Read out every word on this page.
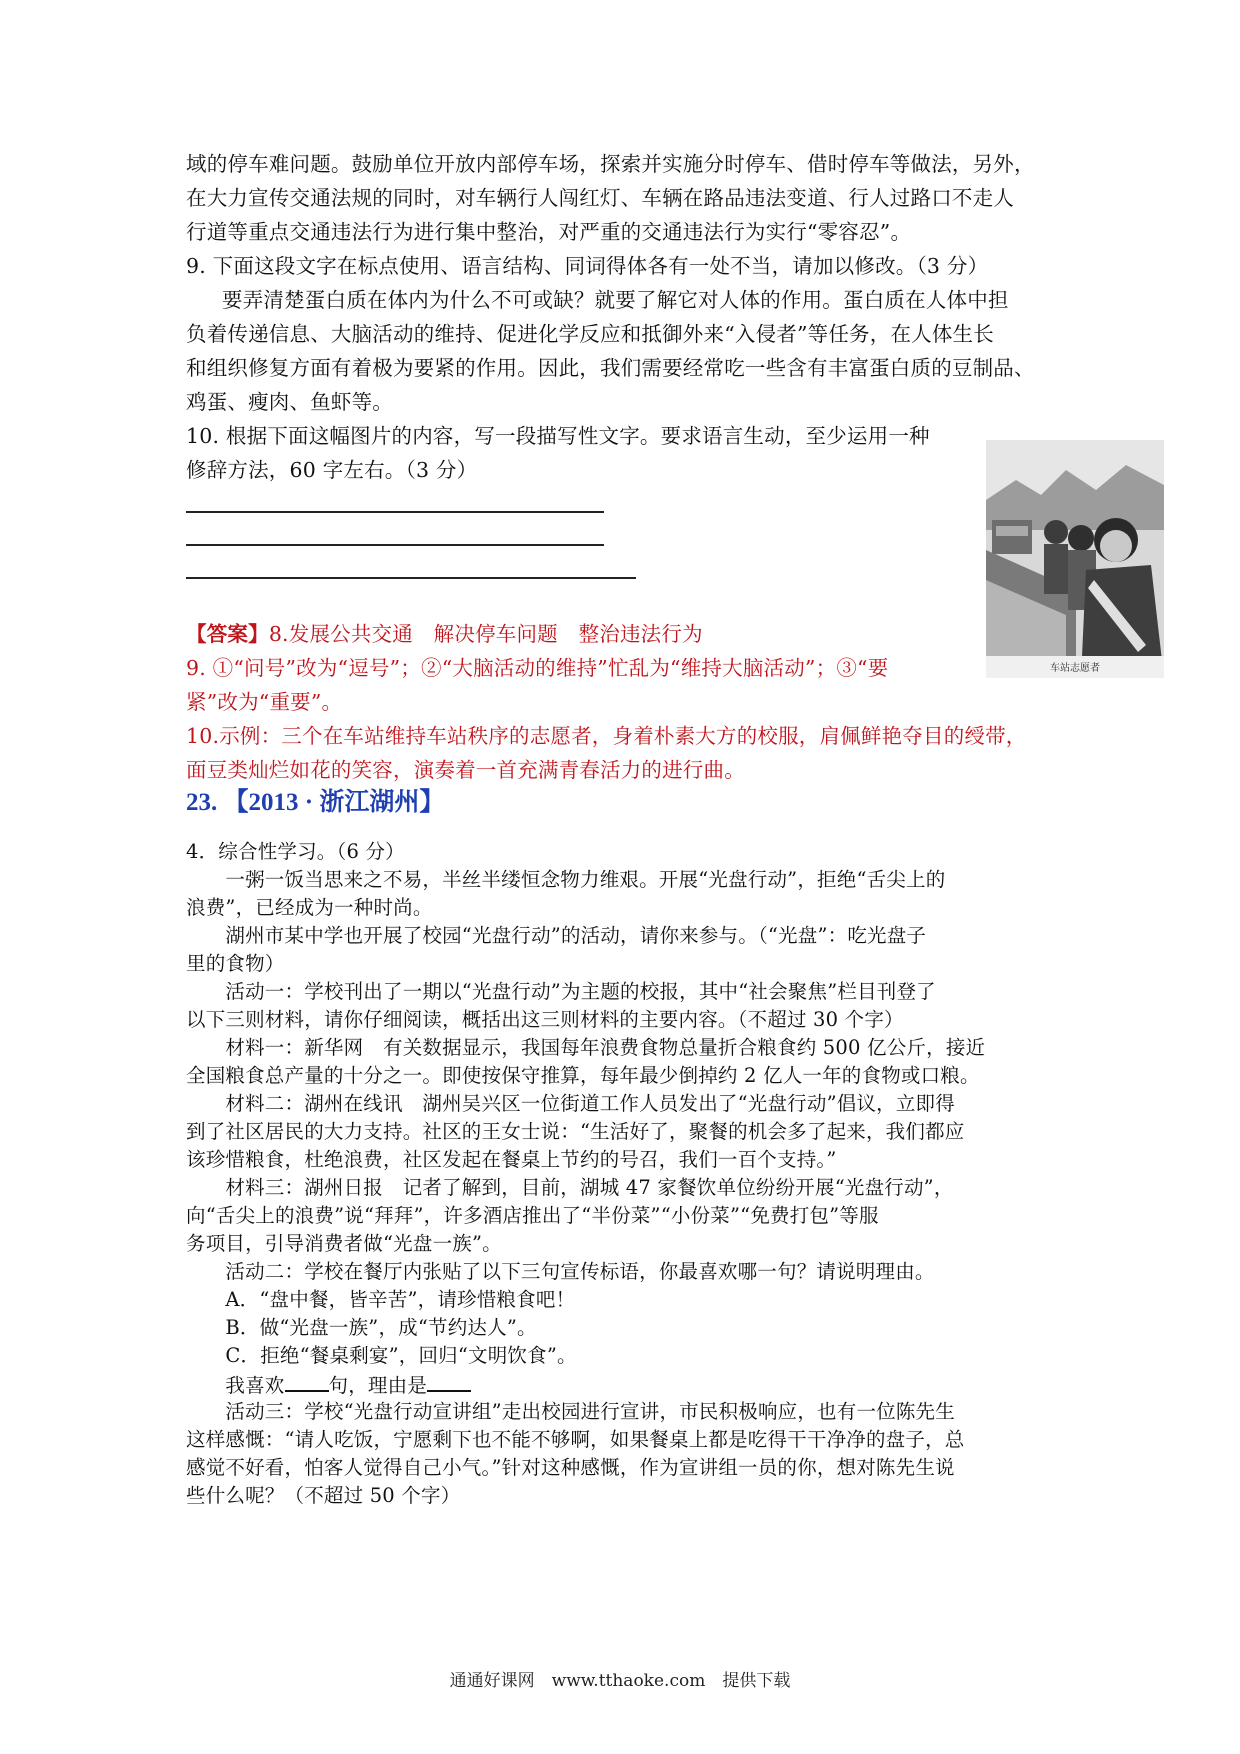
域的停车难问题。鼓励单位开放内部停车场，探索并实施分时停车、借时停车等做法，另外，
在大力宣传交通法规的同时，对车辆行人闯红灯、车辆在路品违法变道、行人过路口不走人
行道等重点交通违法行为进行集中整治，对严重的交通违法行为实行“零容忍”。
9. 下面这段文字在标点使用、语言结构、同词得体各有一处不当，请加以修改。（3 分）
要弄清楚蛋白质在体内为什么不可或缺？就要了解它对人体的作用。蛋白质在人体中担
负着传递信息、大脑活动的维持、促进化学反应和抵御外来“入侵者”等任务，在人体生长
和组织修复方面有着极为要紧的作用。因此，我们需要经常吃一些含有丰富蛋白质的豆制品、
鸡蛋、瘦肉、鱼虾等。
10. 根据下面这幅图片的内容，写一段描写性文字。要求语言生动，至少运用一种
修辞方法，60 字左右。（3 分）
车站志愿者
【答案】8.发展公共交通　解决停车问题　整治违法行为
9. ①“问号”改为“逗号”；②“大脑活动的维持”忙乱为“维持大脑活动”；③“要
紧”改为“重要”。
10.示例：三个在车站维持车站秩序的志愿者，身着朴素大方的校服，肩佩鲜艳夺目的绶带，
面豆类灿烂如花的笑容，演奏着一首充满青春活力的进行曲。
23. 【2013 · 浙江湖州】
4．综合性学习。（6 分）
　　一粥一饭当思来之不易，半丝半缕恒念物力维艰。开展“光盘行动”，拒绝“舌尖上的
浪费”，已经成为一种时尚。
　　湖州市某中学也开展了校园“光盘行动”的活动，请你来参与。（“光盘”：吃光盘子
里的食物）
　　活动一：学校刊出了一期以“光盘行动”为主题的校报，其中“社会聚焦”栏目刊登了
以下三则材料，请你仔细阅读，概括出这三则材料的主要内容。（不超过 30 个字）
　　材料一：新华网　有关数据显示，我国每年浪费食物总量折合粮食约 500 亿公斤，接近
全国粮食总产量的十分之一。即使按保守推算，每年最少倒掉约 2 亿人一年的食物或口粮。
　　材料二：湖州在线讯　湖州吴兴区一位街道工作人员发出了“光盘行动”倡议，立即得
到了社区居民的大力支持。社区的王女士说：“生活好了，聚餐的机会多了起来，我们都应
该珍惜粮食，杜绝浪费，社区发起在餐桌上节约的号召，我们一百个支持。”
　　材料三：湖州日报　记者了解到，目前，湖城 47 家餐饮单位纷纷开展“光盘行动”，
向“舌尖上的浪费”说“拜拜”，许多酒店推出了“半份菜”“小份菜”“免费打包”等服
务项目，引导消费者做“光盘一族”。
　　活动二：学校在餐厅内张贴了以下三句宣传标语，你最喜欢哪一句？请说明理由。
　　A．“盘中餐，皆辛苦”，请珍惜粮食吧！
　　B．做“光盘一族”，成“节约达人”。
　　C．拒绝“餐桌剩宴”，回归“文明饮食”。
　　我喜欢 句，理由是
　　活动三：学校“光盘行动宣讲组”走出校园进行宣讲，市民积极响应，也有一位陈先生
这样感慨：“请人吃饭，宁愿剩下也不能不够啊，如果餐桌上都是吃得干干净净的盘子，总
感觉不好看，怕客人觉得自己小气。”针对这种感慨，作为宣讲组一员的你，想对陈先生说
些什么呢？（不超过 50 个字）
通通好课网　www.tthaoke.com　提供下载
